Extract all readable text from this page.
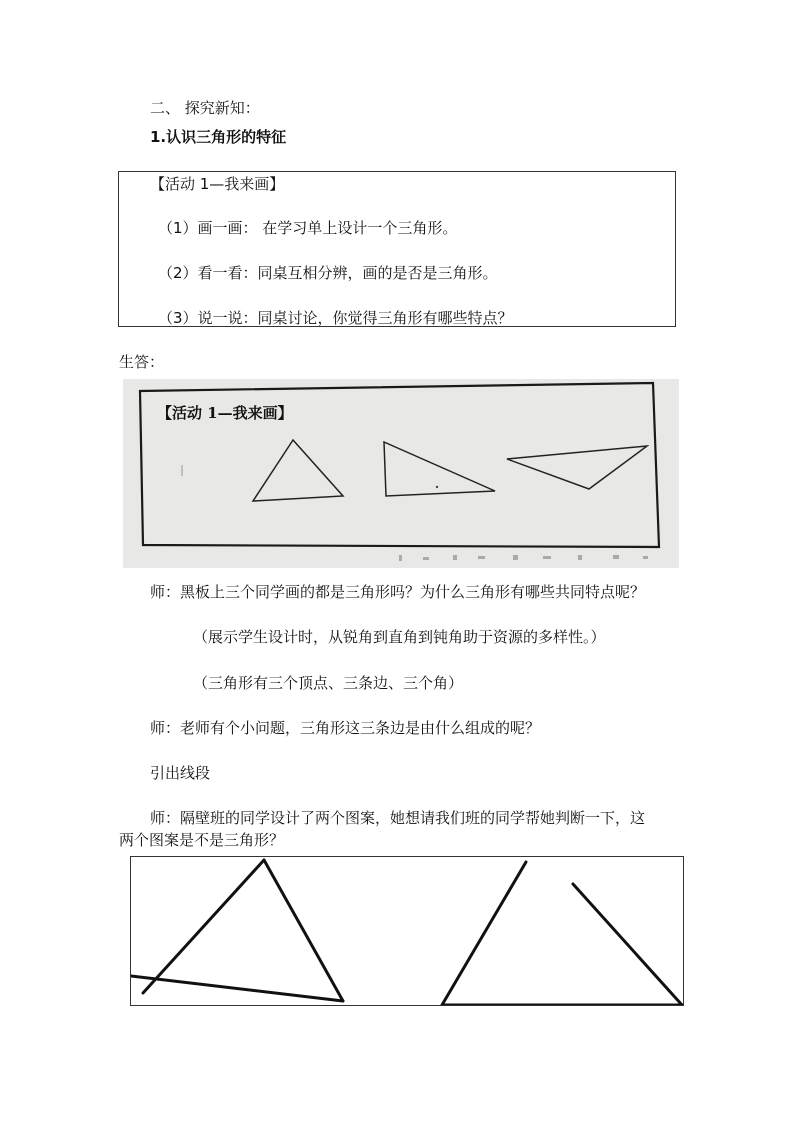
二、 探究新知：
1.认识三角形的特征
【活动 1—我来画】
（1）画一画： 在学习单上设计一个三角形。
（2）看一看：同桌互相分辨，画的是否是三角形。
（3）说一说：同桌讨论，你觉得三角形有哪些特点？
生答：
【活动 1—我来画】
师：黑板上三个同学画的都是三角形吗？为什么三角形有哪些共同特点呢？
（展示学生设计时，从锐角到直角到钝角助于资源的多样性。）
（三角形有三个顶点、三条边、三个角）
师：老师有个小问题，三角形这三条边是由什么组成的呢？
引出线段
师：隔壁班的同学设计了两个图案，她想请我们班的同学帮她判断一下，这
两个图案是不是三角形？
